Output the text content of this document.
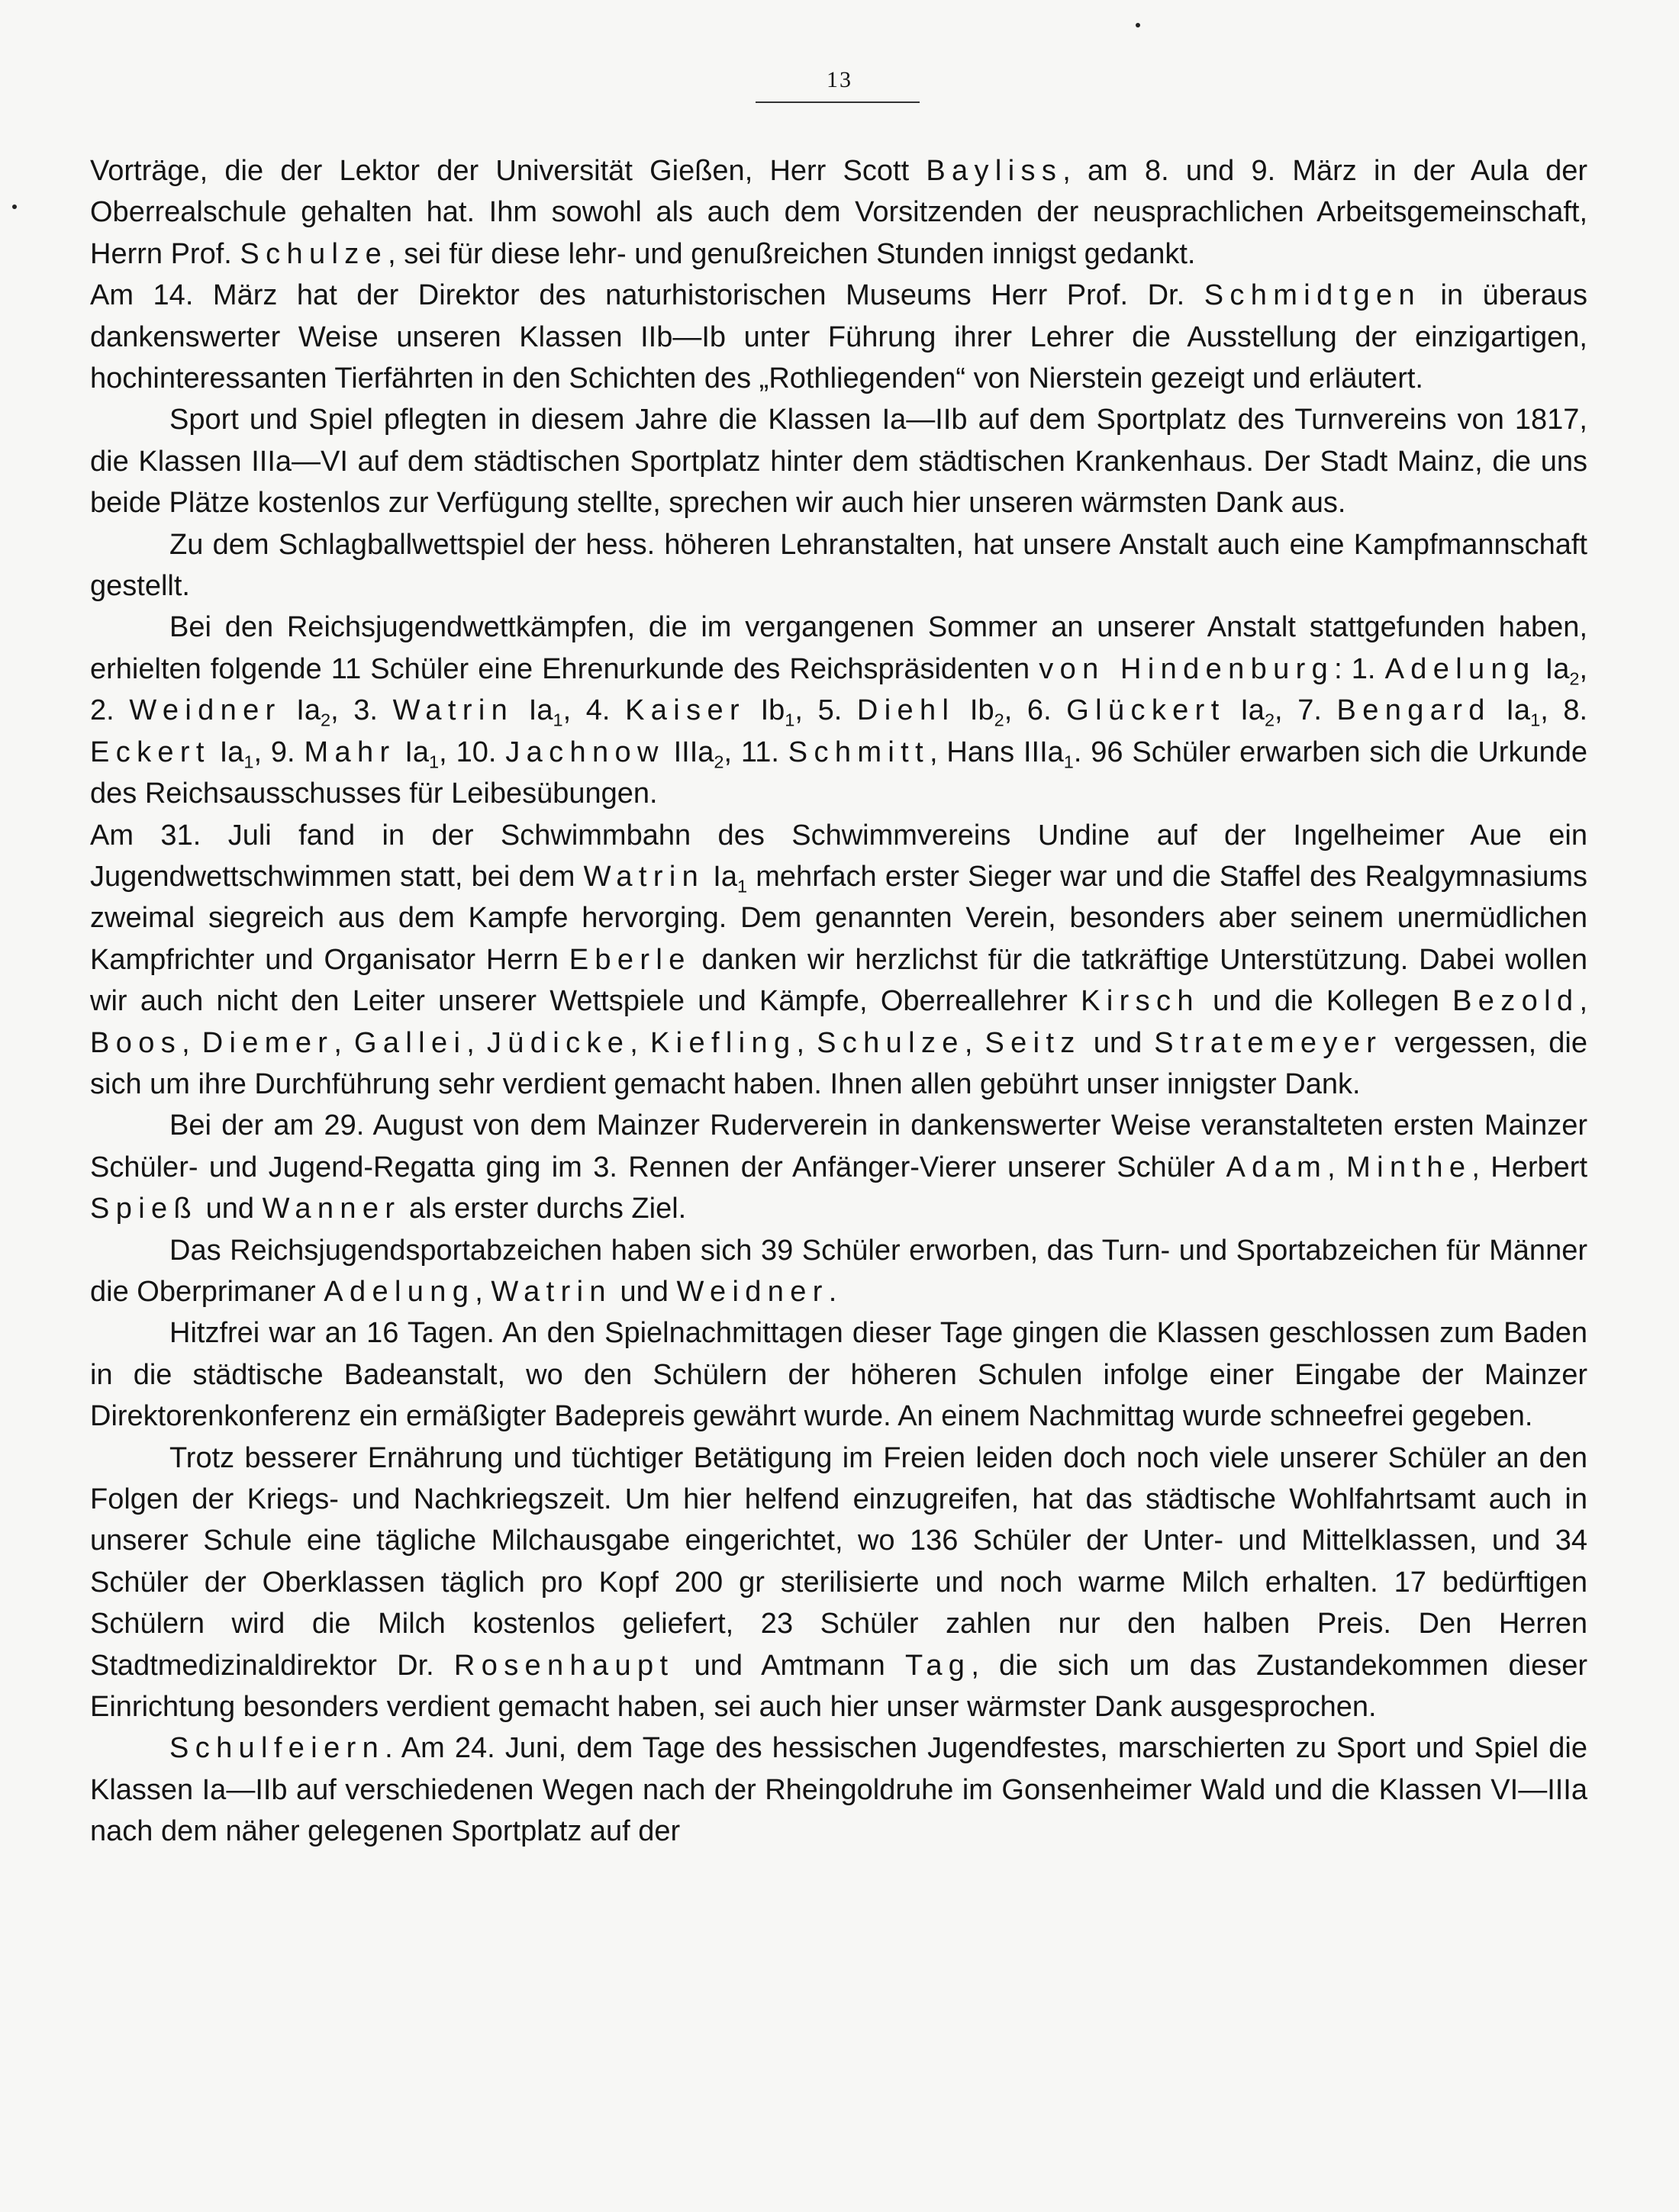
13

Vorträge, die der Lektor der Universität Gießen, Herr Scott Bayliss, am 8. und 9. März in der Aula der Oberrealschule gehalten hat. Ihm sowohl als auch dem Vorsitzenden der neusprachlichen Arbeitsgemeinschaft, Herrn Prof. Schulze, sei für diese lehr- und genußreichen Stunden innigst gedankt.

Am 14. März hat der Direktor des naturhistorischen Museums Herr Prof. Dr. Schmidtgen in überaus dankenswerter Weise unseren Klassen IIb—Ib unter Führung ihrer Lehrer die Ausstellung der einzigartigen, hochinteressanten Tierfährten in den Schichten des „Rothliegenden“ von Nierstein gezeigt und erläutert.

Sport und Spiel pflegten in diesem Jahre die Klassen Ia—IIb auf dem Sportplatz des Turnvereins von 1817, die Klassen IIIa—VI auf dem städtischen Sportplatz hinter dem städtischen Krankenhaus. Der Stadt Mainz, die uns beide Plätze kostenlos zur Verfügung stellte, sprechen wir auch hier unseren wärmsten Dank aus.

Zu dem Schlagballwettspiel der hess. höheren Lehranstalten, hat unsere Anstalt auch eine Kampfmannschaft gestellt.

Bei den Reichsjugendwettkämpfen, die im vergangenen Sommer an unserer Anstalt stattgefunden haben, erhielten folgende 11 Schüler eine Ehrenurkunde des Reichspräsidenten von Hindenburg: 1. Adelung $Ia_2$, 2. Weidner $Ia_2$, 3. Watrin $Ia_1$, 4. Kaiser $Ib_1$, 5. Diehl $Ib_2$, 6. Glückert $Ia_2$, 7. Bengard $Ia_1$, 8. Eckert $Ia_1$, 9. Mahr $Ia_1$, 10. Jachnow IIIa$_2$, 11. Schmitt, Hans IIIa$_1$. 96 Schüler erwarben sich die Urkunde des Reichsausschusses für Leibesübungen.

Am 31. Juli fand in der Schwimmbahn des Schwimmvereins Undine auf der Ingelheimer Aue ein Jugendwettschwimmen statt, bei dem Watrin $Ia_1$ mehrfach erster Sieger war und die Staffel des Realgymnasiums zweimal siegreich aus dem Kampfe hervorging. Dem genannten Verein, besonders aber seinem unermüdlichen Kampfrichter und Organisator Herrn Eberle danken wir herzlichst für die tatkräftige Unterstützung. Dabei wollen wir auch nicht den Leiter unserer Wettspiele und Kämpfe, Oberreallehrer Kirsch und die Kollegen Bezold, Boos, Diemer, Gallei, Jüdicke, Kiefling, Schulze, Seitz und Stratemeyer vergessen, die sich um ihre Durchführung sehr verdient gemacht haben. Ihnen allen gebührt unser innigster Dank.

Bei der am 29. August von dem Mainzer Ruderverein in dankenswerter Weise veranstalteten ersten Mainzer Schüler- und Jugend-Regatta ging im 3. Rennen der Anfänger-Vierer unserer Schüler Adam, Minthe, Herbert Spieß und Wanner als erster durchs Ziel.

Das Reichsjugendsportabzeichen haben sich 39 Schüler erworben, das Turn- und Sportabzeichen für Männer die Oberprimaner Adelung, Watrin und Weidner.

Hitzfrei war an 16 Tagen. An den Spielnachmittagen dieser Tage gingen die Klassen geschlossen zum Baden in die städtische Badeanstalt, wo den Schülern der höheren Schulen infolge einer Eingabe der Mainzer Direktorenkonferenz ein ermäßigter Badepreis gewährt wurde. An einem Nachmittag wurde schneefrei gegeben.

Trotz besserer Ernährung und tüchtiger Betätigung im Freien leiden doch noch viele unserer Schüler an den Folgen der Kriegs- und Nachkriegszeit. Um hier helfend einzugreifen, hat das städtische Wohlfahrtsamt auch in unserer Schule eine tägliche Milchausgabe eingerichtet, wo 136 Schüler der Unter- und Mittelklassen, und 34 Schüler der Oberklassen täglich pro Kopf 200 gr sterilisierte und noch warme Milch erhalten. 17 bedürftigen Schülern wird die Milch kostenlos geliefert, 23 Schüler zahlen nur den halben Preis. Den Herren Stadtmedizinaldirektor Dr. Rosenhaupt und Amtmann Tag, die sich um das Zustandekommen dieser Einrichtung besonders verdient gemacht haben, sei auch hier unser wärmster Dank ausgesprochen.

Schulfeiern. Am 24. Juni, dem Tage des hessischen Jugendfestes, marschierten zu Sport und Spiel die Klassen Ia—IIb auf verschiedenen Wegen nach der Rheingoldruhe im Gonsenheimer Wald und die Klassen VI—IIIa nach dem näher gelegenen Sportplatz auf der
